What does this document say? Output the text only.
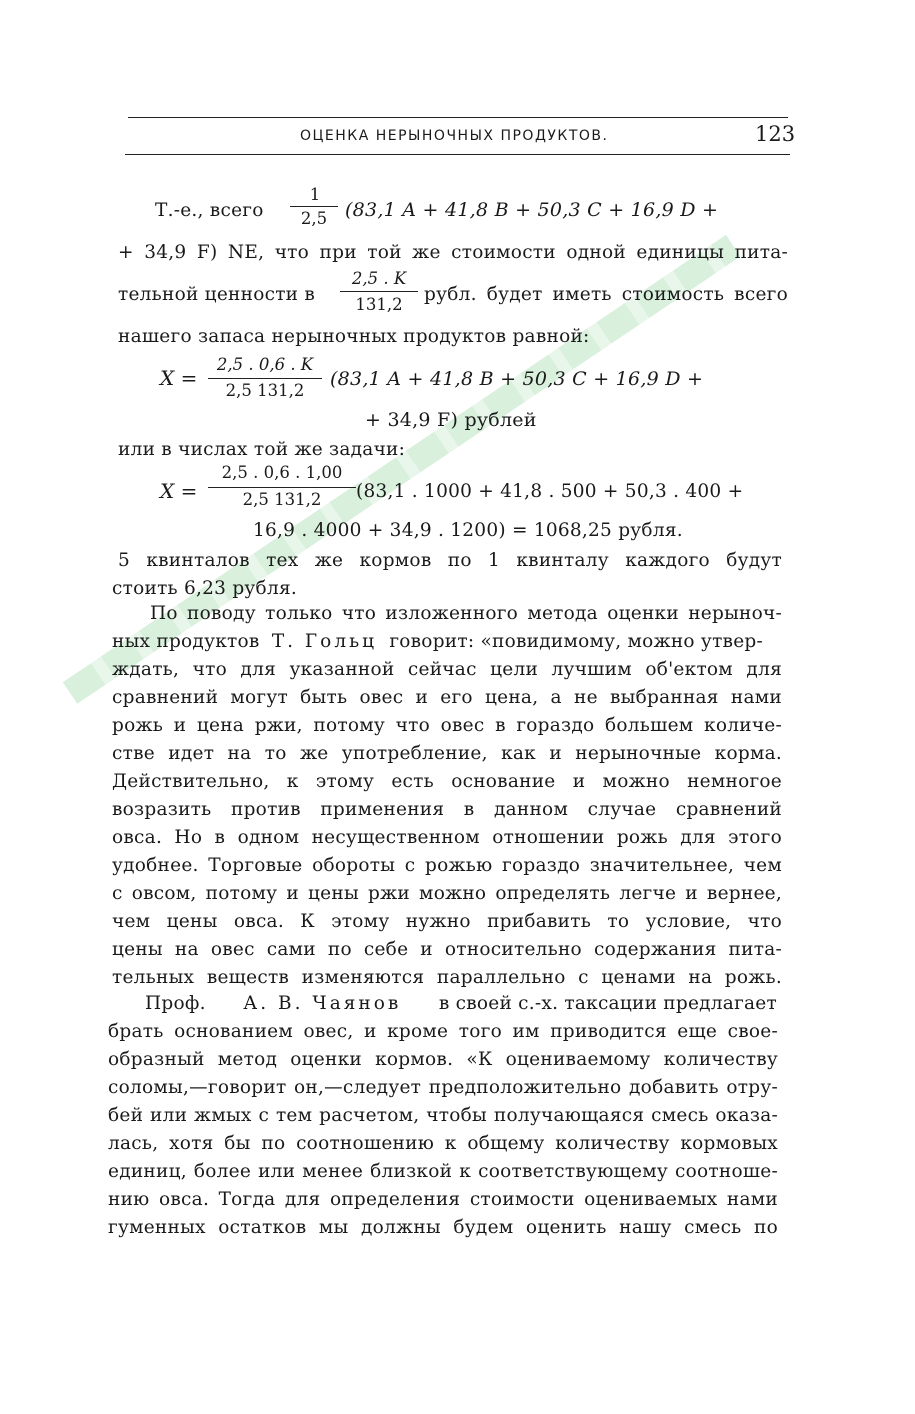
ОЦЕНКА НЕРЫНОЧНЫХ ПРОДУКТОВ.	123
Т.-е., всего
1
2,5 (83,1 A + 41,8 B + 50,3 C + 16,9 D +
+ 34,9 F) NE, что при той же стоимости одной единицы пита-
тельной ценности в
2,5 . K
131,2	рубл. будет иметь стоимость всего
нашего запаса нерыночных продуктов равной:
X =
2,5 . 0,6 . K
2,5 131,2
(83,1 A + 41,8 B + 50,3 C + 16,9 D +
+ 34,9 F) рублей
или в числах той же задачи:
X =
2,5 . 0,6 . 1,00
2,5 131,2	(83,1 . 1000 + 41,8 . 500 + 50,3 . 400 +
16,9 . 4000 + 34,9 . 1200) = 1068,25 рубля.
5 квинталов тех же кормов по 1 квинталу каждого будут
стоить 6,23 рубля.
По поводу только что изложенного метода оценки нерыноч-
ных продуктов Т. Гольц говорит: «повидимому, можно утвер-
ждать, что для указанной сейчас цели лучшим об'ектом для
сравнений могут быть овес и его цена, а не выбранная нами
рожь и цена ржи, потому что овес в гораздо большем количе-
стве идет на то же употребление, как и нерыночные корма.
Действительно, к этому есть основание и можно немногое
возразить против применения в данном случае сравнений
овса. Но в одном несущественном отношении рожь для этого
удобнее. Торговые обороты с рожью гораздо значительнее, чем
с овсом, потому и цены ржи можно определять легче и вернее,
чем цены овса. К этому нужно прибавить то условие, что
цены на овес сами по себе и относительно содержания пита-
тельных веществ изменяются параллельно с ценами на рожь.
Проф. А. В. Чаянов в своей с.-х. таксации предлагает
брать основанием овес, и кроме того им приводится еще свое-
образный метод оценки кормов. «К оцениваемому количеству
соломы,—говорит он,—следует предположительно добавить отру-
бей или жмых с тем расчетом, чтобы получающаяся смесь оказа-
лась, хотя бы по соотношению к общему количеству кормовых
единиц, более или менее близкой к соответствующему соотноше-
нию овса. Тогда для определения стоимости оцениваемых нами
гуменных остатков мы должны будем оценить нашу смесь по
